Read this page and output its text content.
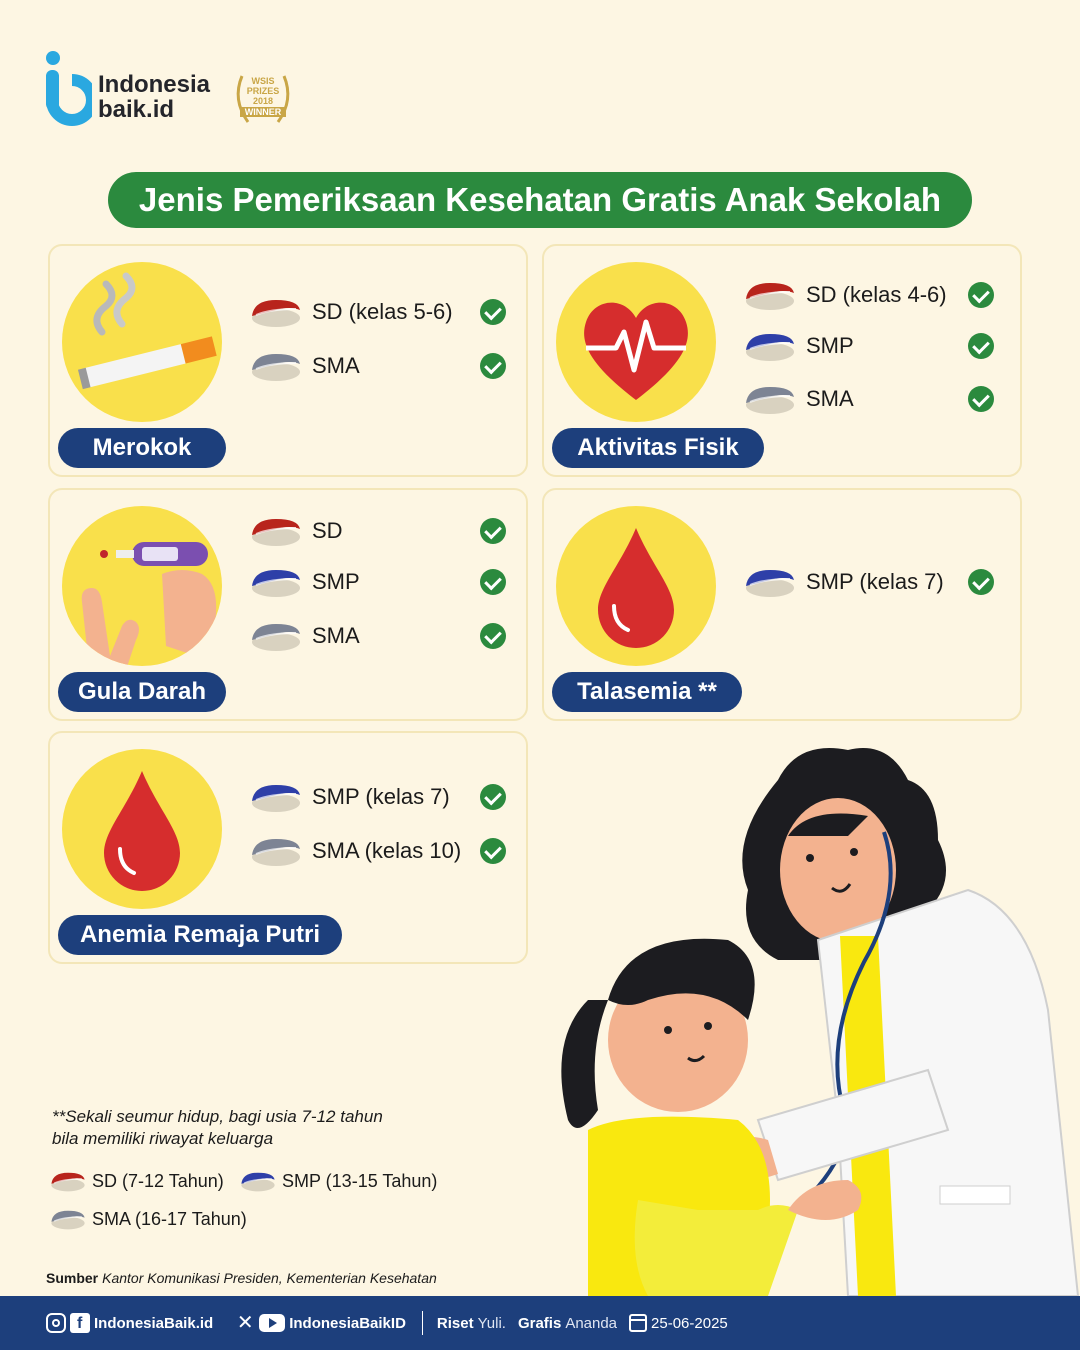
Indonesia
baik.id
WSIS
PRIZES
2018
WINNER
Jenis Pemeriksaan Kesehatan Gratis Anak Sekolah
SD (kelas 5-6)
SMA
Merokok
SD (kelas 4-6)
SMP
SMA
Aktivitas Fisik
SD
SMP
SMA
Gula Darah
SMP (kelas 7)
Talasemia **
SMP (kelas 7)
SMA (kelas 10)
Anemia Remaja Putri
**Sekali seumur hidup, bagi usia 7-12 tahun
bila memiliki riwayat keluarga
SD (7-12 Tahun)	SMP (13-15 Tahun)
SMA (16-17 Tahun)
Sumber Kantor Komunikasi Presiden, Kementerian Kesehatan
f IndonesiaBaik.id ✕ IndonesiaBaikID Riset Yuli. Grafis Ananda 25-06-2025
